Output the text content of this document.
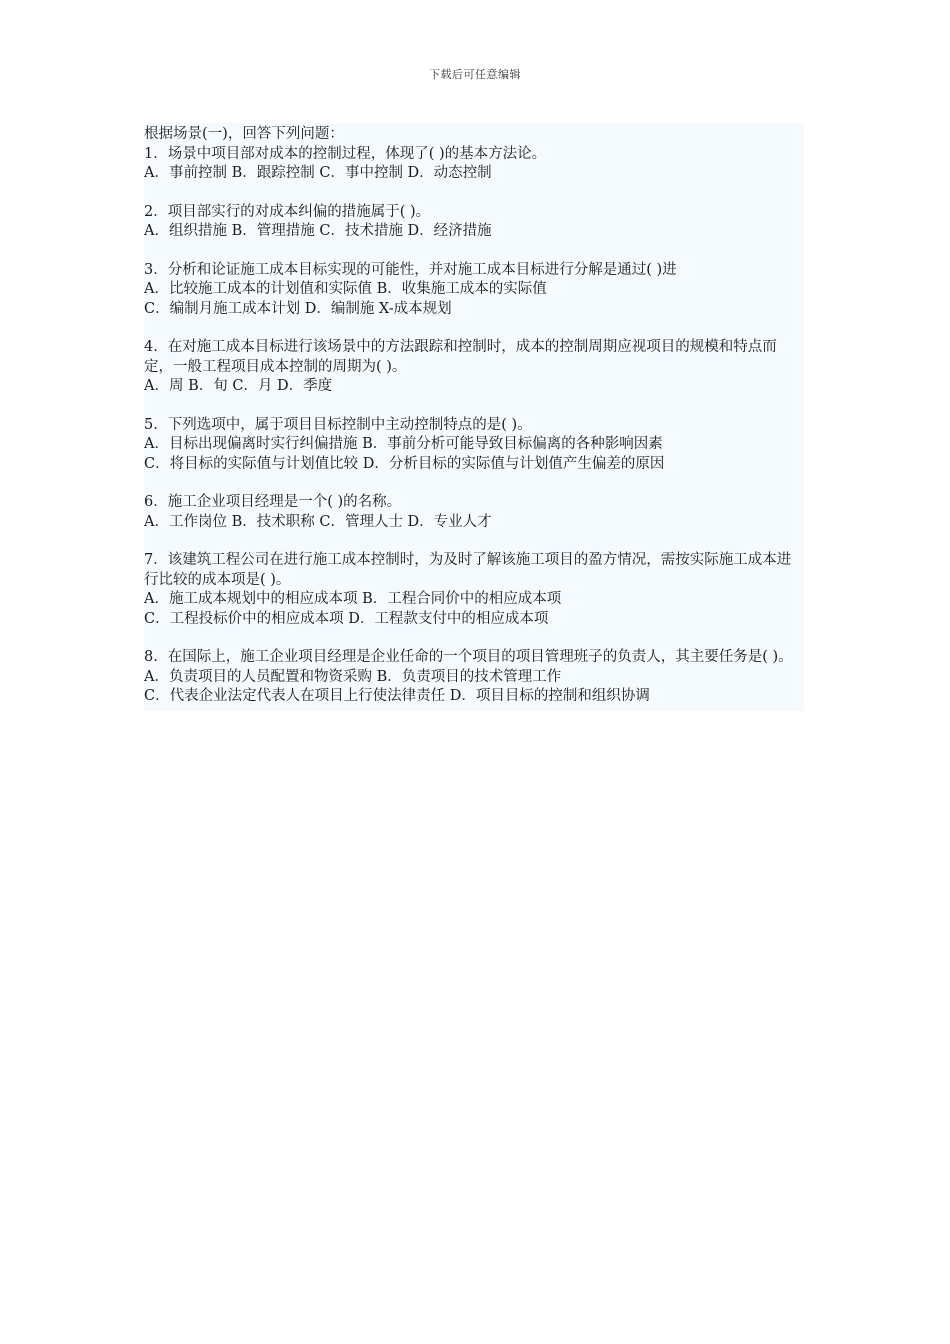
下载后可任意编辑
根据场景(一)，回答下列问题：
1．场景中项目部对成本的控制过程，体现了( )的基本方法论。
A．事前控制 B．跟踪控制 C．事中控制 D．动态控制
2．项目部实行的对成本纠偏的措施属于( )。
A．组织措施 B．管理措施 C．技术措施 D．经济措施
3．分析和论证施工成本目标实现的可能性，并对施工成本目标进行分解是通过( )进
A．比较施工成本的计划值和实际值 B．收集施工成本的实际值
C．编制月施工成本计划 D．编制施 X-成本规划
4．在对施工成本目标进行该场景中的方法跟踪和控制时，成本的控制周期应视项目的规模和特点而定，一般工程项目成本控制的周期为( )。
A．周 B．旬 C．月 D．季度
5．下列选项中，属于项目目标控制中主动控制特点的是( )。
A．目标出现偏离时实行纠偏措施 B．事前分析可能导致目标偏离的各种影响因素
C．将目标的实际值与计划值比较 D．分析目标的实际值与计划值产生偏差的原因
6．施工企业项目经理是一个( )的名称。
A．工作岗位 B．技术职称 C．管理人士 D．专业人才
7．该建筑工程公司在进行施工成本控制时，为及时了解该施工项目的盈方情况，需按实际施工成本进行比较的成本项是( )。
A．施工成本规划中的相应成本项 B．工程合同价中的相应成本项
C．工程投标价中的相应成本项 D．工程款支付中的相应成本项
8．在国际上，施工企业项目经理是企业任命的一个项目的项目管理班子的负责人，其主要任务是( )。
A．负责项目的人员配置和物资采购 B．负责项目的技术管理工作
C．代表企业法定代表人在项目上行使法律责任 D．项目目标的控制和组织协调
